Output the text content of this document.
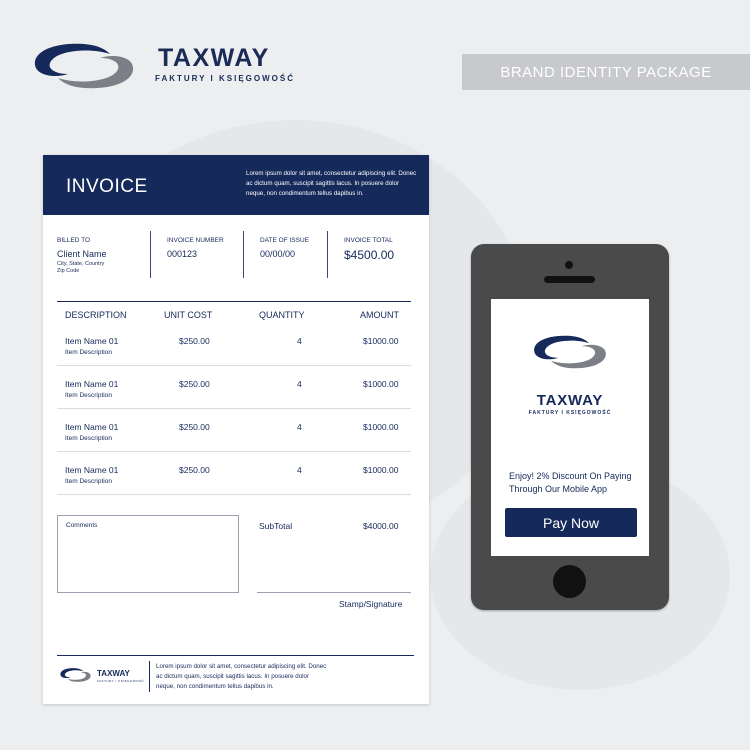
TAXWAY
FAKTURY I KSIĘGOWOŚĆ	BRAND IDENTITY PACKAGE
INVOICE
Lorem ipsum dolor sit amet, consectetur adipiscing elit. Donec ac dictum quam, suscipit sagittis lacus. In posuere dolor neque, non condimentum tellus dapibus in.
BILLED TO
Client Name
City, State, Country
Zip Code
INVOICE NUMBER
000123
DATE OF ISSUE
00/00/00
INVOICE TOTAL
$4500.00
DESCRIPTION	UNIT COST	QUANTITY	AMOUNT
Item Name 01
Item Description
$250.00	4	$1000.00
Item Name 01
Item Description
$250.00	4	$1000.00
Item Name 01
Item Description
$250.00	4	$1000.00
Item Name 01
Item Description
$250.00	4	$1000.00
Comments	SubTotal	$4000.00
Stamp/Signature
TAXWAY
FAKTURY I KSIĘGOWOŚĆ
Lorem ipsum dolor sit amet, consectetur adipiscing elit. Donec ac dictum quam, suscipit sagittis lacus. In posuere dolor neque, non condimentum tellus dapibus in.
TAXWAY
FAKTURY I KSIĘGOWOŚĆ
Enjoy! 2% Discount On Paying Through Our Mobile App
Pay Now
